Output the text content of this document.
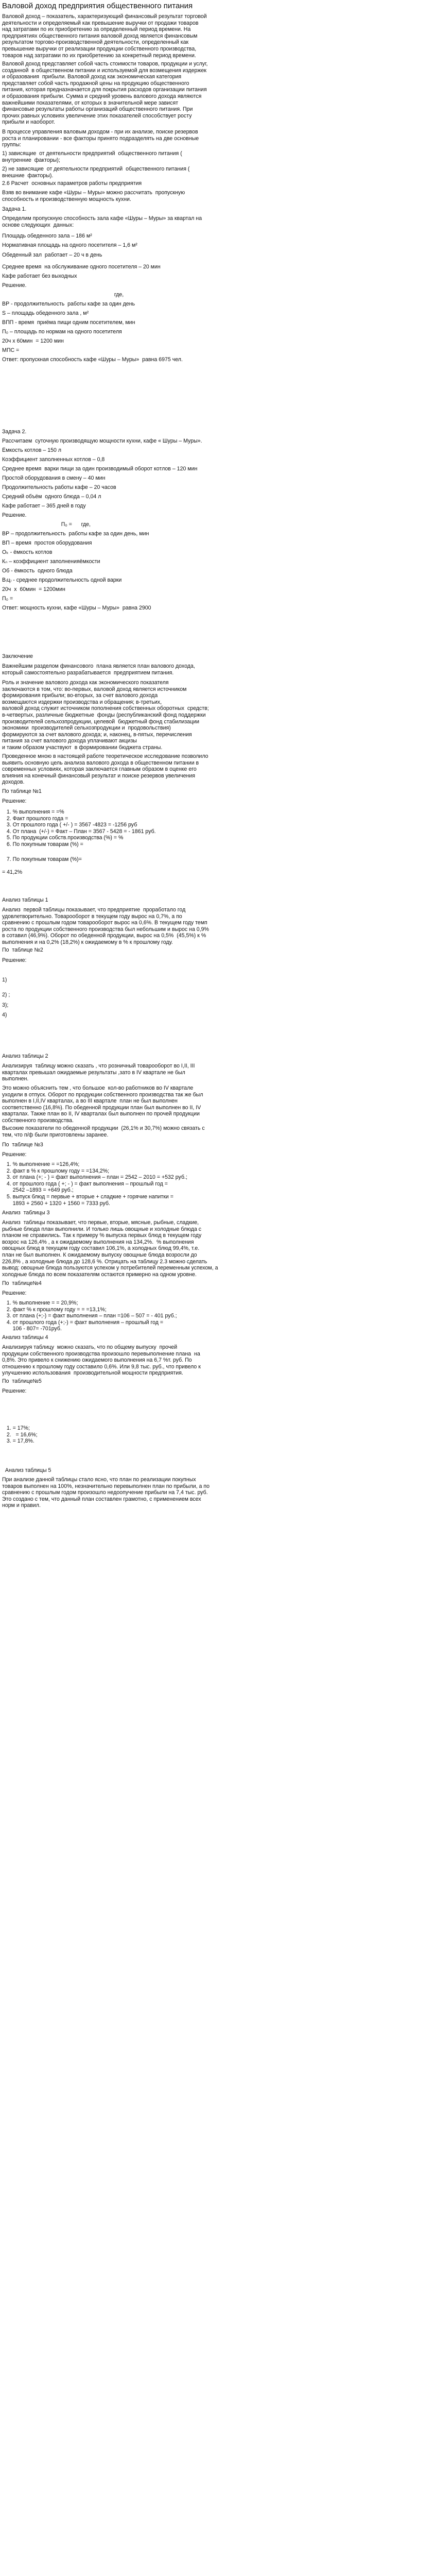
Валовой доход предприятия общественного питания
Валовой доход – показатель, характеризующий финансовый результат торговой
деятельности и определяемый как превышение выручки от продажи товаров
над затратами по их приобретению за определенный период времени. На
предприятиях общественного питания валовой доход является финансовым
результатом торгово-производственной деятельности, определенный как
превышение выручки от реализации продукции собственного производства,
товаров над затратами по их приобретению за конкретный период времени.
Валовой доход представляет собой часть стоимости товаров, продукции и услуг,
созданной  в общественном питании и используемой для возмещения издержек
и образования  прибыли. Валовой доход как экономическая категория
представляет собой часть продажной цены на продукцию общественного
питания, которая предназначается для покрытия расходов организации питания
и образования прибыли. Сумма и средний уровень валового дохода являются
важнейшими показателями, от которых в значительной мере зависят
финансовые результаты работы организаций общественного питания. При
прочих равных условиях увеличение этих показателей способствует росту
прибыли и наоборот.
В процессе управления валовым доходом - при их анализе, поиске резервов
роста и планировании - все факторы принято подразделять на две основные
группы:
1) зависящие  от деятельности предприятий  общественного питания (
внутренние  факторы);
2) не зависящие  от деятельности предприятий  общественного питания (
внешние  факторы).
2.6 Расчет  основных параметров работы предприятия
Взяв во внимание кафе «Шуры – Муры» можно рассчитать  пропускную
способность и производственную мощность кухни.
Задача 1.
Определим пропускную способность зала кафе «Шуры – Муры» за квартал на
основе следующих  данных:
Площадь обеденного зала – 186 м²
Нормативная площадь на одного посетителя – 1,6 м²
Обеденный зал  работает – 20 ч в день
Среднее время  на обслуживание одного посетителя – 20 мин
Кафе работает без выходных
Решение.
где,
ВР - продолжительность  работы кафе за один день
S – площадь обеденного зала , м²
ВПП - время  приёма пищи одним посетителем, мин
П₀ – площадь по нормам на одного посетителя
20ч х 60мин  = 1200 мин
МПС =
Ответ: пропускная способность кафе «Шуры – Муры»  равна 6975 чел.
Задача 2.
Рассчитаем  суточную производящую мощности кухни, кафе « Шуры – Муры».
Ёмкость котлов – 150 л
Коэффициент заполненных котлов – 0,8
Среднее время  варки пищи за один производимый оборот котлов – 120 мин
Простой оборудования в смену – 40 мин
Продолжительность работы кафе – 20 часов
Средний объём  одного блюда – 0,04 л
Кафе работает – 365 дней в году
Решение.
П₀ =      где,
ВР – продолжительность  работы кафе за один день, мин
ВП – время  простоя оборудования
Оₖ - ёмкость котлов
Кₙ – коэффициент заполненияёмкости
Об - ёмкость  одного блюда
В₍ц₎ - среднее продолжительность одной варки
20ч  х  60мин  = 1200мин
П₀ =
Ответ: мощность кухни, кафе «Шуры – Муры»  равна 2900
Заключение
Важнейшим разделом финансового  плана является план валового дохода,
который самостоятельно разрабатывается  предприятием питания.
Роль и значение валового дохода как экономического показателя
заключаются в том, что: во-первых, валовой доход является источником
формирования прибыли; во-вторых, за счет валового дохода
возмещаются издержки производства и обращения; в-третьих,
валовой доход служит источником пополнения собственных оборотных  средств;
в-четвертых, различные бюджетные  фонды (республиканский фонд поддержки
производителей сельхозпродукции, целевой  бюджетный фонд стабилизации
экономики  производителей сельхозпродукции и  продовольствия)
формируются за счет валового дохода; и, наконец, в-пятых, перечисления
питания за счет валового дохода уплачивают акцизы
и таким образом участвуют  в формировании бюджета страны.
Проведенное мною в настоящей работе теоретическое исследование позволило
выявить основную цель анализа валового дохода в общественном питании в
современных условиях, которая заключается главным образом в оценке его
влияния на конечный финансовый результат и поиске резервов увеличения
доходов.
По таблице №1
Решение:
1. % выполнения = =%
2. Факт прошлого года =
3. От прошлого года ( +/- ) = 3567 -4823 = -1256 руб
4. От плана  (+/-) = Факт – План = 3567 - 5428 = - 1861 руб.
5. По продукции собств.производства (%) = %
6. По покупным товарам (%) =
7. По покупным товарам (%)=
= 41,2%
Анализ таблицы 1
Анализ  первой таблицы показывает, что предприятие  проработало год
удовлетворительно. Товарооборот в текущем году вырос на 0,7%, а по
сравнению с прошлым годом товарооборот вырос на 0,6%. В текущем году темп
роста по продукции собственного производства был небольшим и вырос на 0,9%
в сотавил (46,9%). Оборот по обеденной продукции, вырос на 0,5%  (45,5%) к %
выполнения и на 0,2% (18,2%) к ожидаемому в % к прошлому году.
По  таблице №2
Решение:
1)
2) ;
3);
4)
Анализ таблицы 2
Анализируя  таблицу можно сказать , что розничный товарооборот во I,II, III
кварталах превышал ожидаемые результаты ,зато в IV квартале не был
выполнен.
Это можно объяснить тем , что большое  кол-во работников во IV квартале
уходили в отпуск. Оборот по продукции собственного производства так же был
выполнен в I,II,IV кварталах, а во III квартале  план не был выполнен
соответственно (16,8%). По обеденной продукции план был выполнен во II, IV
кварталах. Также план во II, IV кварталах был выполнен по прочей продукции
собственного производства.
Высокие показатели по обеденной продукции  (26,1% и 30,7%) можно связать с
тем, что п/ф были приготовлены заранее.
По  таблице №3
Решение:
1. % выполнение = =126,4%;
2. факт в % к прошлому году = =134,2%;
3. от плана (+; - ) = факт выполнения – план = 2542 – 2010 = +532 руб.;
4. от прошлого года ( +; - ) = факт выполнения – прошлый год =
2542 –1893 = +649 руб.;
5. выпуск блюд = первые + вторые + сладкие + горячие напитки =
1893 + 2560 + 1320 + 1560 = 7333 руб.
Анализ  таблицы 3
Анализ  таблицы показывает, что первые, вторые, мясные, рыбные, сладкие,
рыбные блюда план выполнили. И только лишь овощные и холодные блюда с
планом не справились. Так к примеру % выпуска первых блюд в текущем году
возрос на 126,4% , а к ожидаемому выполнения на 134,2%.  % выполнения
овощных блюд в текущем году составил 106,1%, а холодных блюд 99,4%, т.е.
план не был выполнен. К ожидаемому выпуску овощные блюда возросли до
226,8% , а холодные блюда до 128,6 %. Отрицать на таблицу 2.3 можно сделать
вывод: овощные блюда пользуются успехом у потребителей переменным успехом, а
холодные блюда по всем показателям остаются примерно на одном уровне.
По  таблице№4
Решение:
1. % выполнение = = 20,9%;
2. факт % к прошлому году = = =13,1%;
3. от плана (+;-) = факт выполнения – план =106 – 507 = - 401 руб.;
4. от прошлого года (+;-) = факт выполнения – прошлый год =
106 - 807= -701руб.
Анализ таблицы 4
Анализируя таблицу  можно сказать, что по общему выпуску  прочей
продукции собственного производства произошло перевыполнение плана  на
0,8%. Это привело к снижению ожидаемого выполнения на 6,7 %т. руб. По
отношению к прошлому году составило 0,6%. Или 9,8 тыс. руб., что привело к
улучшению использования  производительной мощности предприятия.
По  таблице№5
Решение:
1. = 17%;
2.   = 16,6%;
3. = 17,8%.
Анализ таблицы 5
При анализе данной таблицы стало ясно, что план по реализации покупных
товаров выполнен на 100%, незначительно перевыполнен план по прибыли, а по
сравнению с прошлым годом произошло недоопучение прибыли на 7,4 тыс. руб.
Это создано с тем, что данный план составлен грамотно, с применением всех
норм и правил.
